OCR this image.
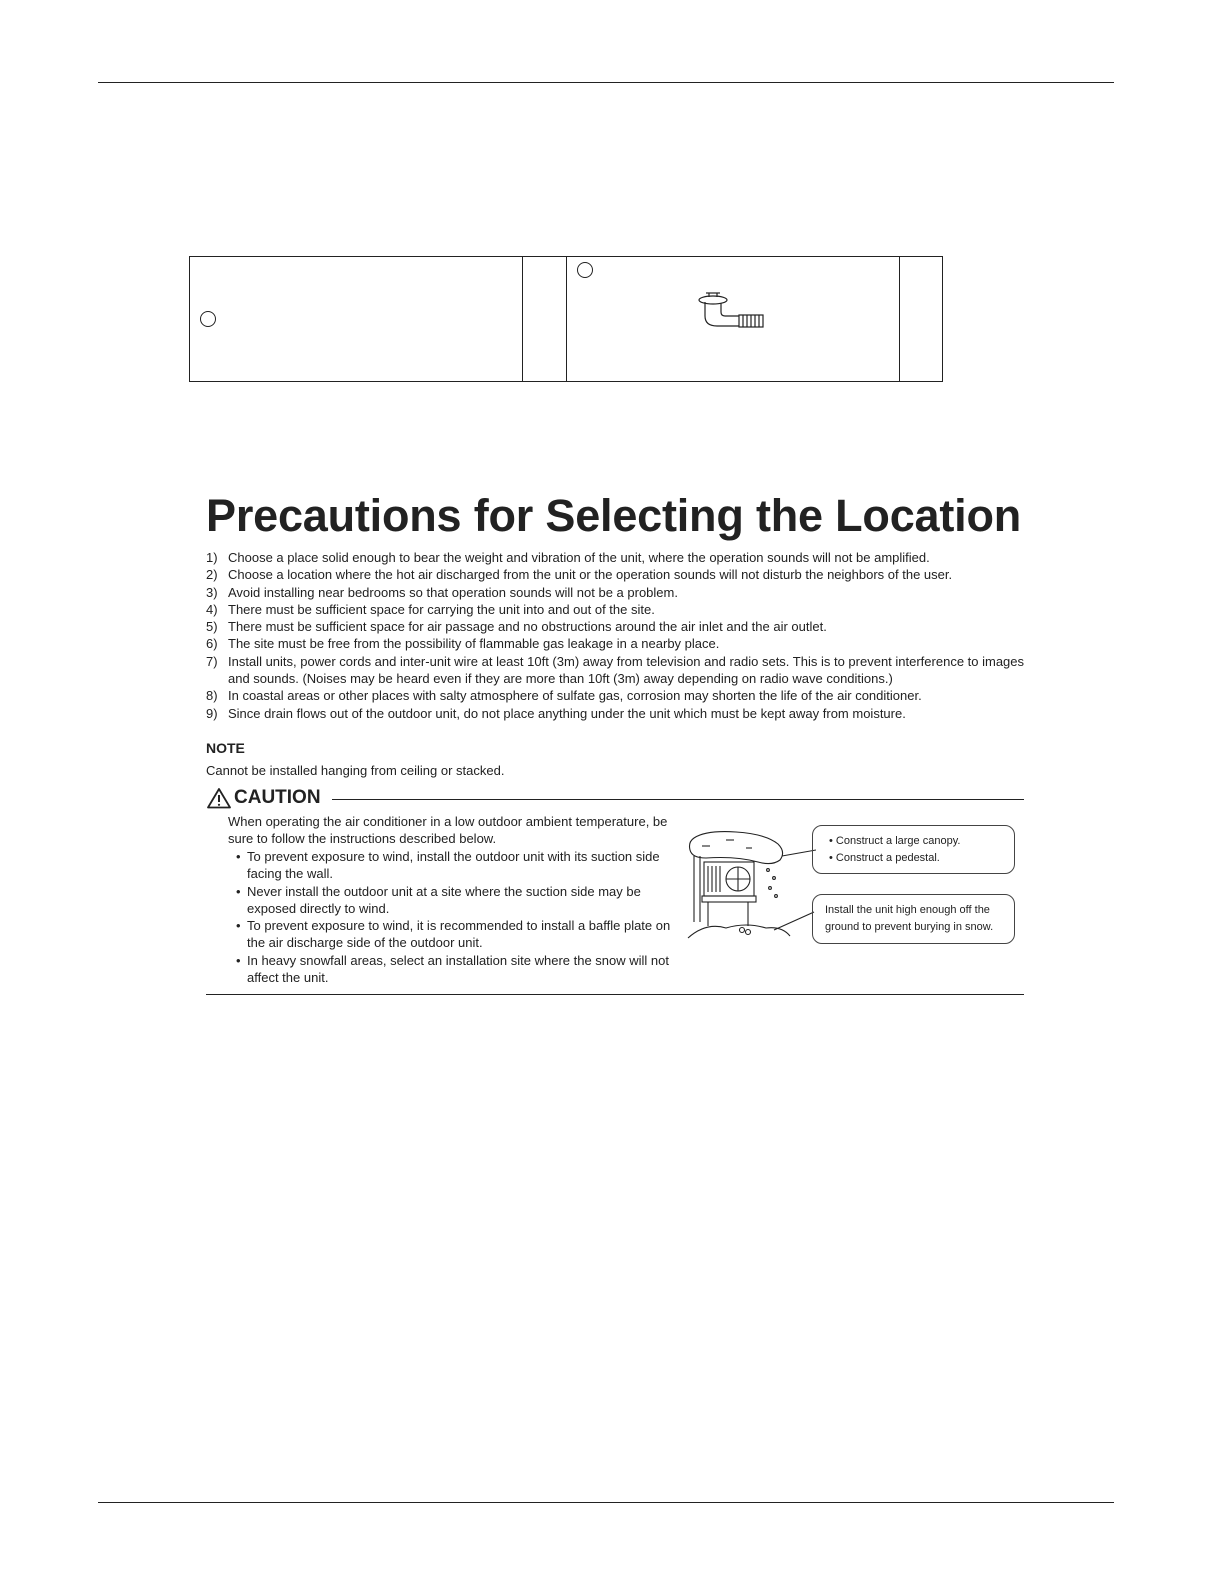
Precautions for Selecting the Location
1) Choose a place solid enough to bear the weight and vibration of the unit, where the operation sounds will not be amplified.
2) Choose a location where the hot air discharged from the unit or the operation sounds will not disturb the neighbors of the user.
3) Avoid installing near bedrooms so that operation sounds will not be a problem.
4) There must be sufficient space for carrying the unit into and out of the site.
5) There must be sufficient space for air passage and no obstructions around the air inlet and the air outlet.
6) The site must be free from the possibility of flammable gas leakage in a nearby place.
7) Install units, power cords and inter-unit wire at least 10ft (3m) away from television and radio sets. This is to prevent interference to images and sounds. (Noises may be heard even if they are more than 10ft (3m) away depending on radio wave conditions.)
8) In coastal areas or other places with salty atmosphere of sulfate gas, corrosion may shorten the life of the air conditioner.
9) Since drain flows out of the outdoor unit, do not place anything under the unit which must be kept away from moisture.
NOTE
Cannot be installed hanging from ceiling or stacked.
CAUTION
When operating the air conditioner in a low outdoor ambient temperature, be sure to follow the instructions described below.
• To prevent exposure to wind, install the outdoor unit with its suction side facing the wall.
• Never install the outdoor unit at a site where the suction side may be exposed directly to wind.
• To prevent exposure to wind, it is recommended to install a baffle plate on the air discharge side of the outdoor unit.
• In heavy snowfall areas, select an installation site where the snow will not affect the unit.
• Construct a large canopy.
• Construct a pedestal.
Install the unit high enough off the ground to prevent burying in snow.
